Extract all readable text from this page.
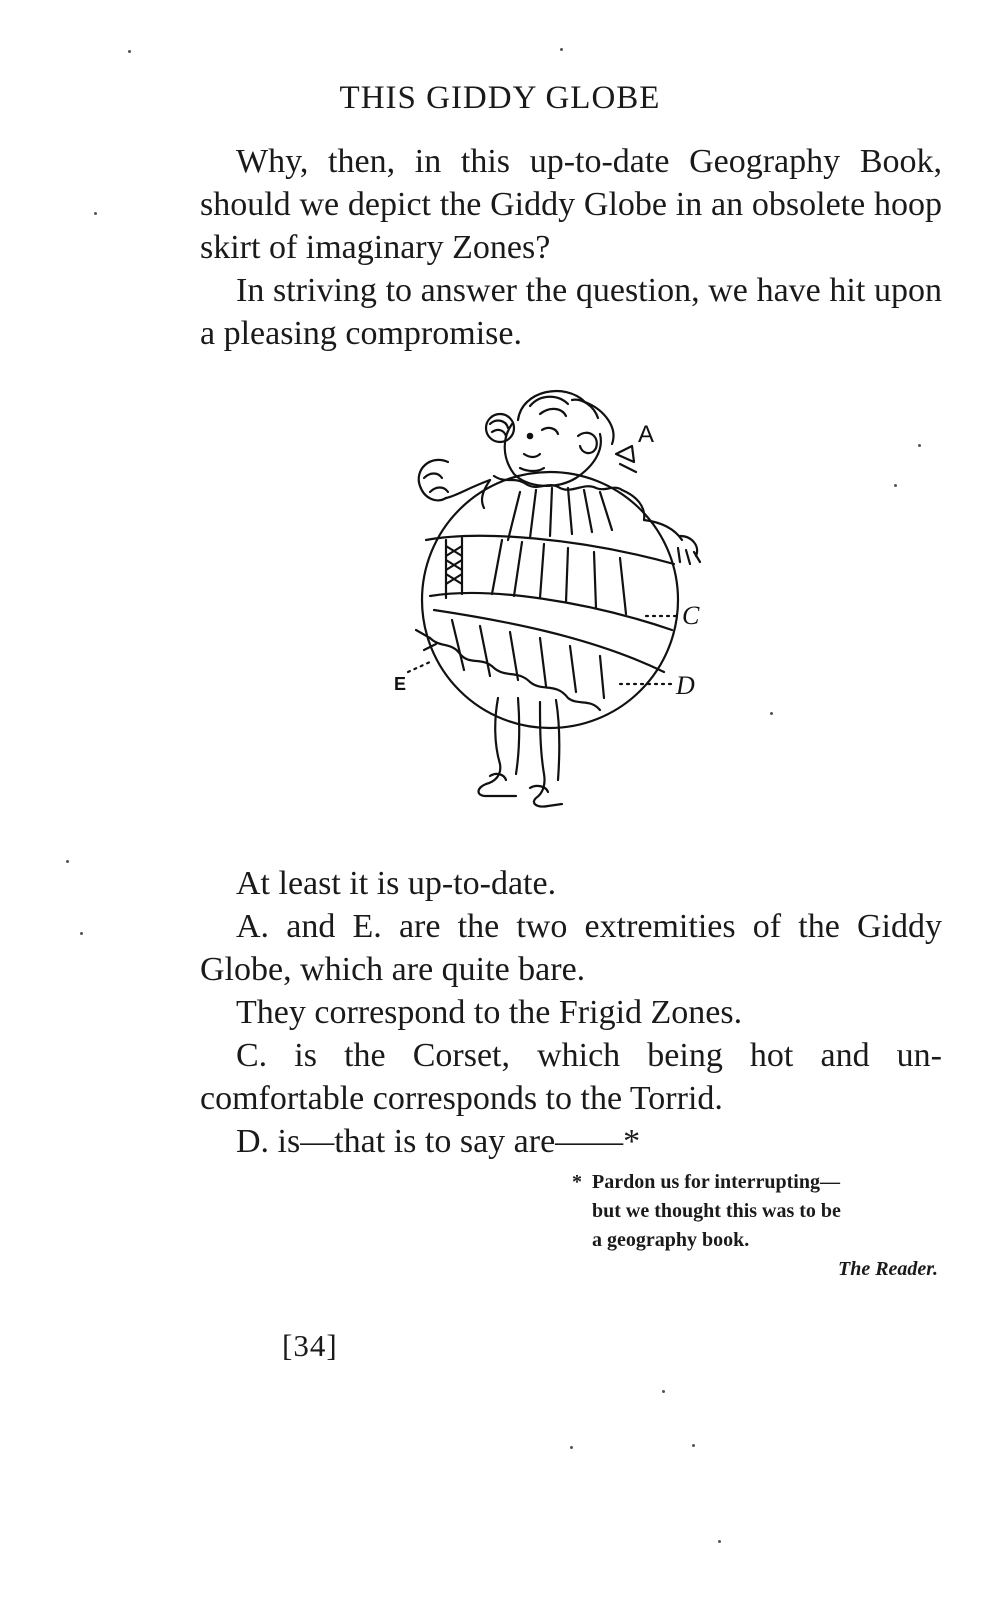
THIS GIDDY GLOBE

Why, then, in this up-to-date Geography Book, should we depict the Giddy Globe in an obsolete hoop skirt of imaginary Zones?

In striving to answer the question, we have hit upon a pleasing compromise.

A
C
D
E

At least it is up-to-date.

A. and E. are the two extremities of the Giddy Globe, which are quite bare.

They correspond to the Frigid Zones.

C. is the Corset, which being hot and uncomfortable corresponds to the Torrid.

D. is—that is to say are——*

* Pardon us for interrupting—

but we thought this was to be

a geography book.

The Reader.

[34]
